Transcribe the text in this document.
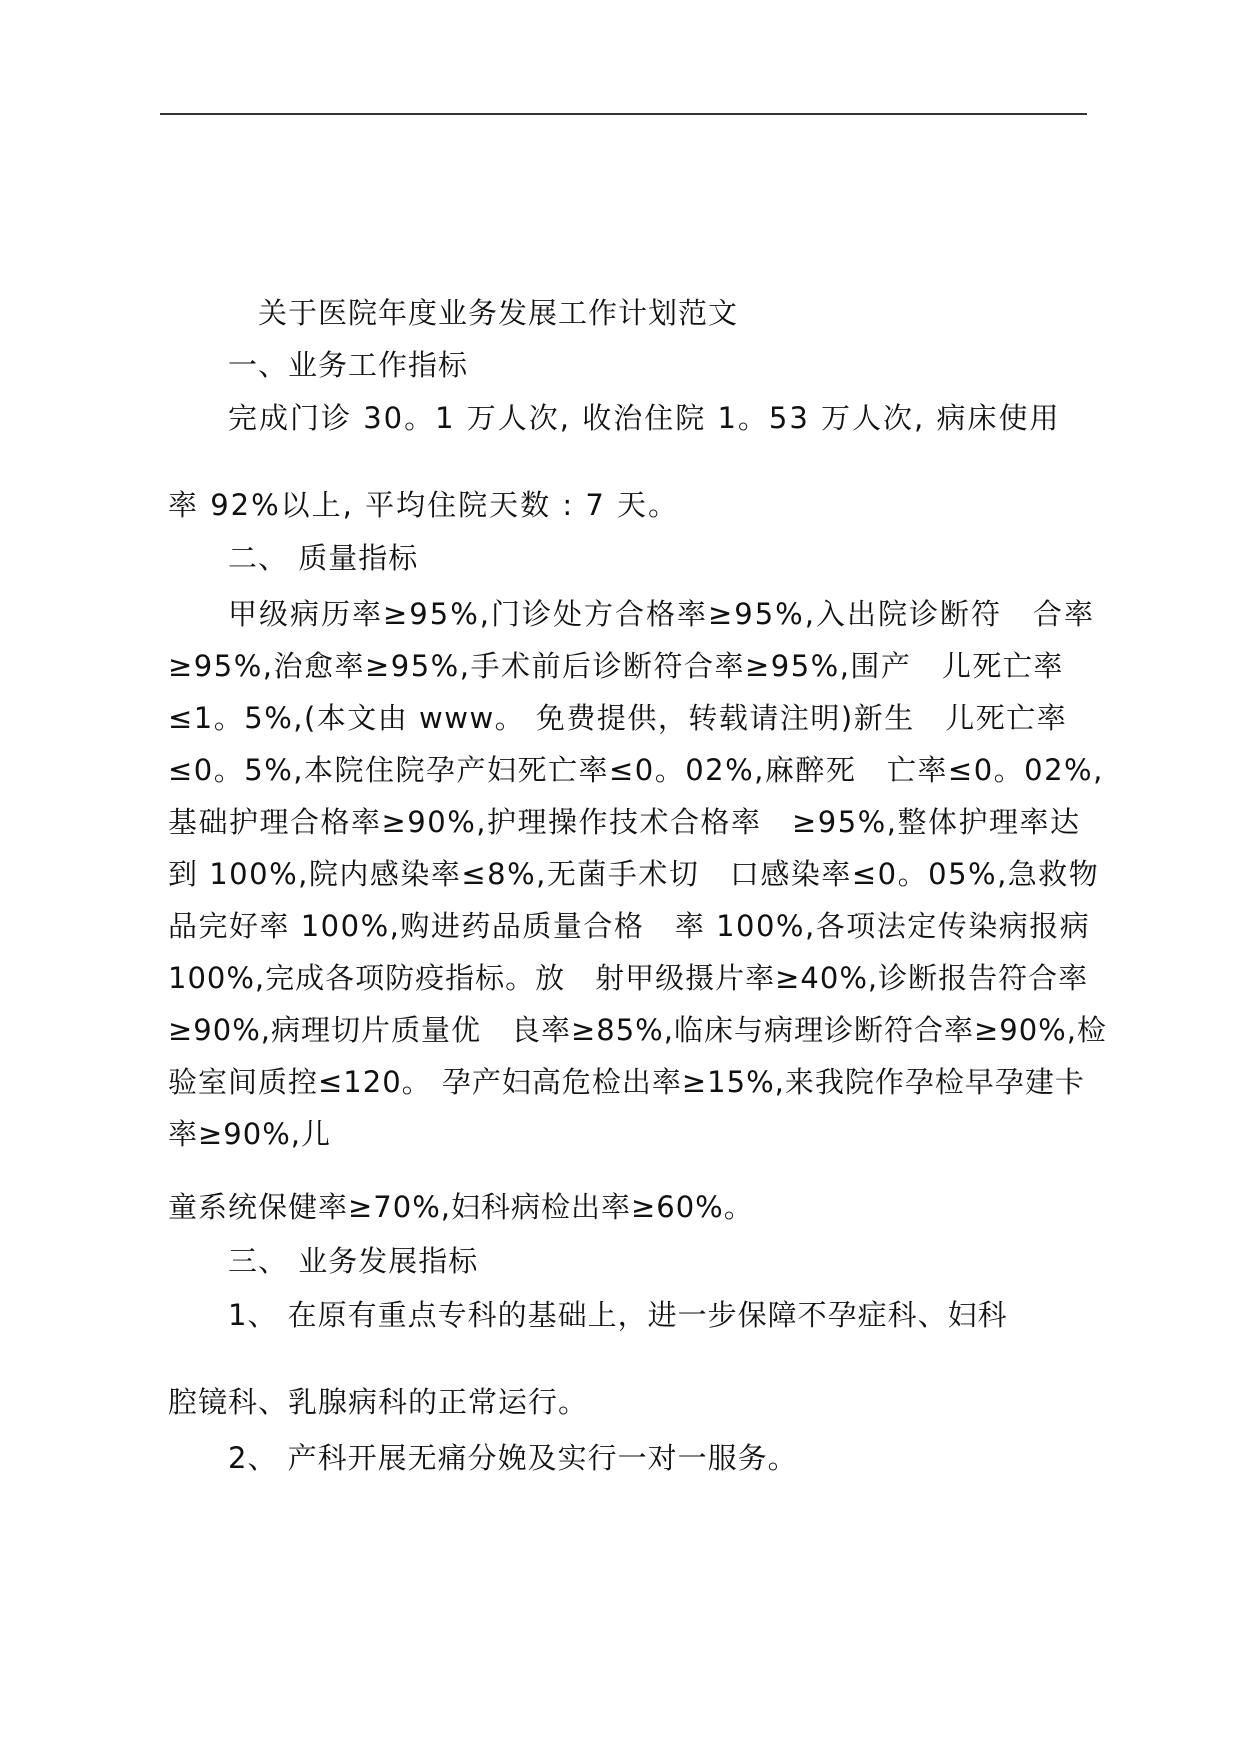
关于医院年度业务发展工作计划范文
一、业务工作指标
完成门诊 30。1 万人次, 收治住院 1。53 万人次, 病床使用
率 92%以上, 平均住院天数 : 7 天。
二、 质量指标
甲级病历率≥95%,门诊处方合格率≥95%,入出院诊断符　合率
≥95%,治愈率≥95%,手术前后诊断符合率≥95%,围产　儿死亡率
≤1。5%,(本文由 www。 免费提供，转载请注明)新生　儿死亡率
≤0。5%,本院住院孕产妇死亡率≤0。02%,麻醉死　亡率≤0。02%,
基础护理合格率≥90%,护理操作技术合格率　≥95%,整体护理率达
到 100%,院内感染率≤8%,无菌手术切　口感染率≤0。05%,急救物
品完好率 100%,购进药品质量合格　率 100%,各项法定传染病报病
100%,完成各项防疫指标。放　射甲级摄片率≥40%,诊断报告符合率
≥90%,病理切片质量优　良率≥85%,临床与病理诊断符合率≥90%,检
验室间质控≤120。 孕产妇高危检出率≥15%,来我院作孕检早孕建卡
率≥90%,儿
童系统保健率≥70%,妇科病检出率≥60%。
三、 业务发展指标
1、 在原有重点专科的基础上，进一步保障不孕症科、妇科
腔镜科、乳腺病科的正常运行。
2、 产科开展无痛分娩及实行一对一服务。
